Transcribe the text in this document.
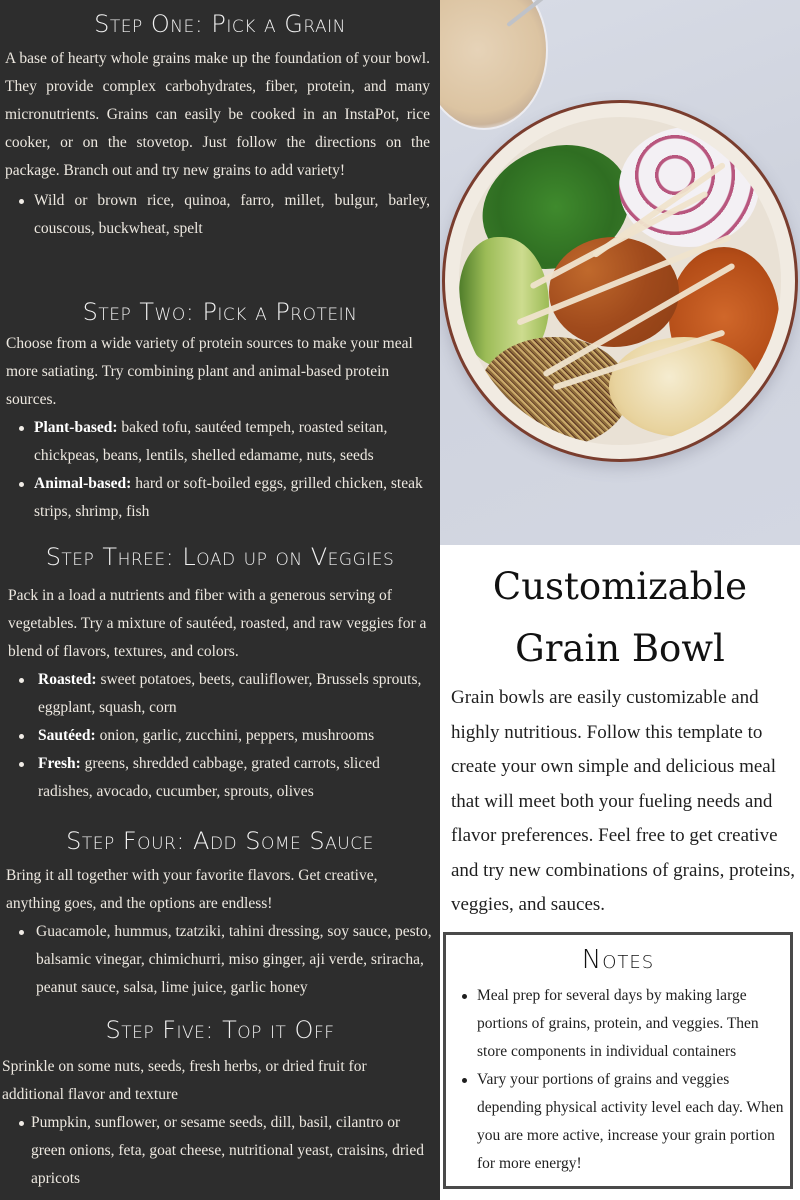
Step One: Pick a Grain

A base of hearty whole grains make up the foundation of your bowl. They provide complex carbohydrates, fiber, protein, and many micronutrients. Grains can easily be cooked in an InstaPot, rice cooker, or on the stovetop. Just follow the directions on the package. Branch out and try new grains to add variety!

Wild or brown rice, quinoa, farro, millet, bulgur, barley, couscous, buckwheat, spelt
Step Two: Pick a Protein

Choose from a wide variety of protein sources to make your meal more satiating. Try combining plant and animal-based protein sources.

Plant-based: baked tofu, sautéed tempeh, roasted seitan, chickpeas, beans, lentils, shelled edamame, nuts, seeds
Animal-based: hard or soft-boiled eggs, grilled chicken, steak strips, shrimp, fish
Step Three: Load up on Veggies

Pack in a load a nutrients and fiber with a generous serving of vegetables. Try a mixture of sautéed, roasted, and raw veggies for a blend of flavors, textures, and colors.

Roasted: sweet potatoes, beets, cauliflower, Brussels sprouts, eggplant, squash, corn
Sautéed: onion, garlic, zucchini, peppers, mushrooms
Fresh: greens, shredded cabbage, grated carrots, sliced radishes, avocado, cucumber, sprouts, olives
Step Four: Add Some Sauce

Bring it all together with your favorite flavors. Get creative, anything goes, and the options are endless!

Guacamole, hummus, tzatziki, tahini dressing, soy sauce, pesto, balsamic vinegar, chimichurri, miso ginger, aji verde, sriracha, peanut sauce, salsa, lime juice, garlic honey
Step Five: Top it Off

Sprinkle on some nuts, seeds, fresh herbs, or dried fruit for additional flavor and texture

Pumpkin, sunflower, or sesame seeds, dill, basil, cilantro or green onions, feta, goat cheese, nutritional yeast, craisins, dried apricots
Customizable
Grain Bowl

Grain bowls are easily customizable and highly nutritious. Follow this template to create your own simple and delicious meal that will meet both your fueling needs and flavor preferences. Feel free to get creative and try new combinations of grains, proteins, veggies, and sauces.

Notes
Meal prep for several days by making large portions of grains, protein, and veggies. Then store components in individual containers
Vary your portions of grains and veggies depending physical activity level each day. When you are more active, increase your grain portion for more energy!
